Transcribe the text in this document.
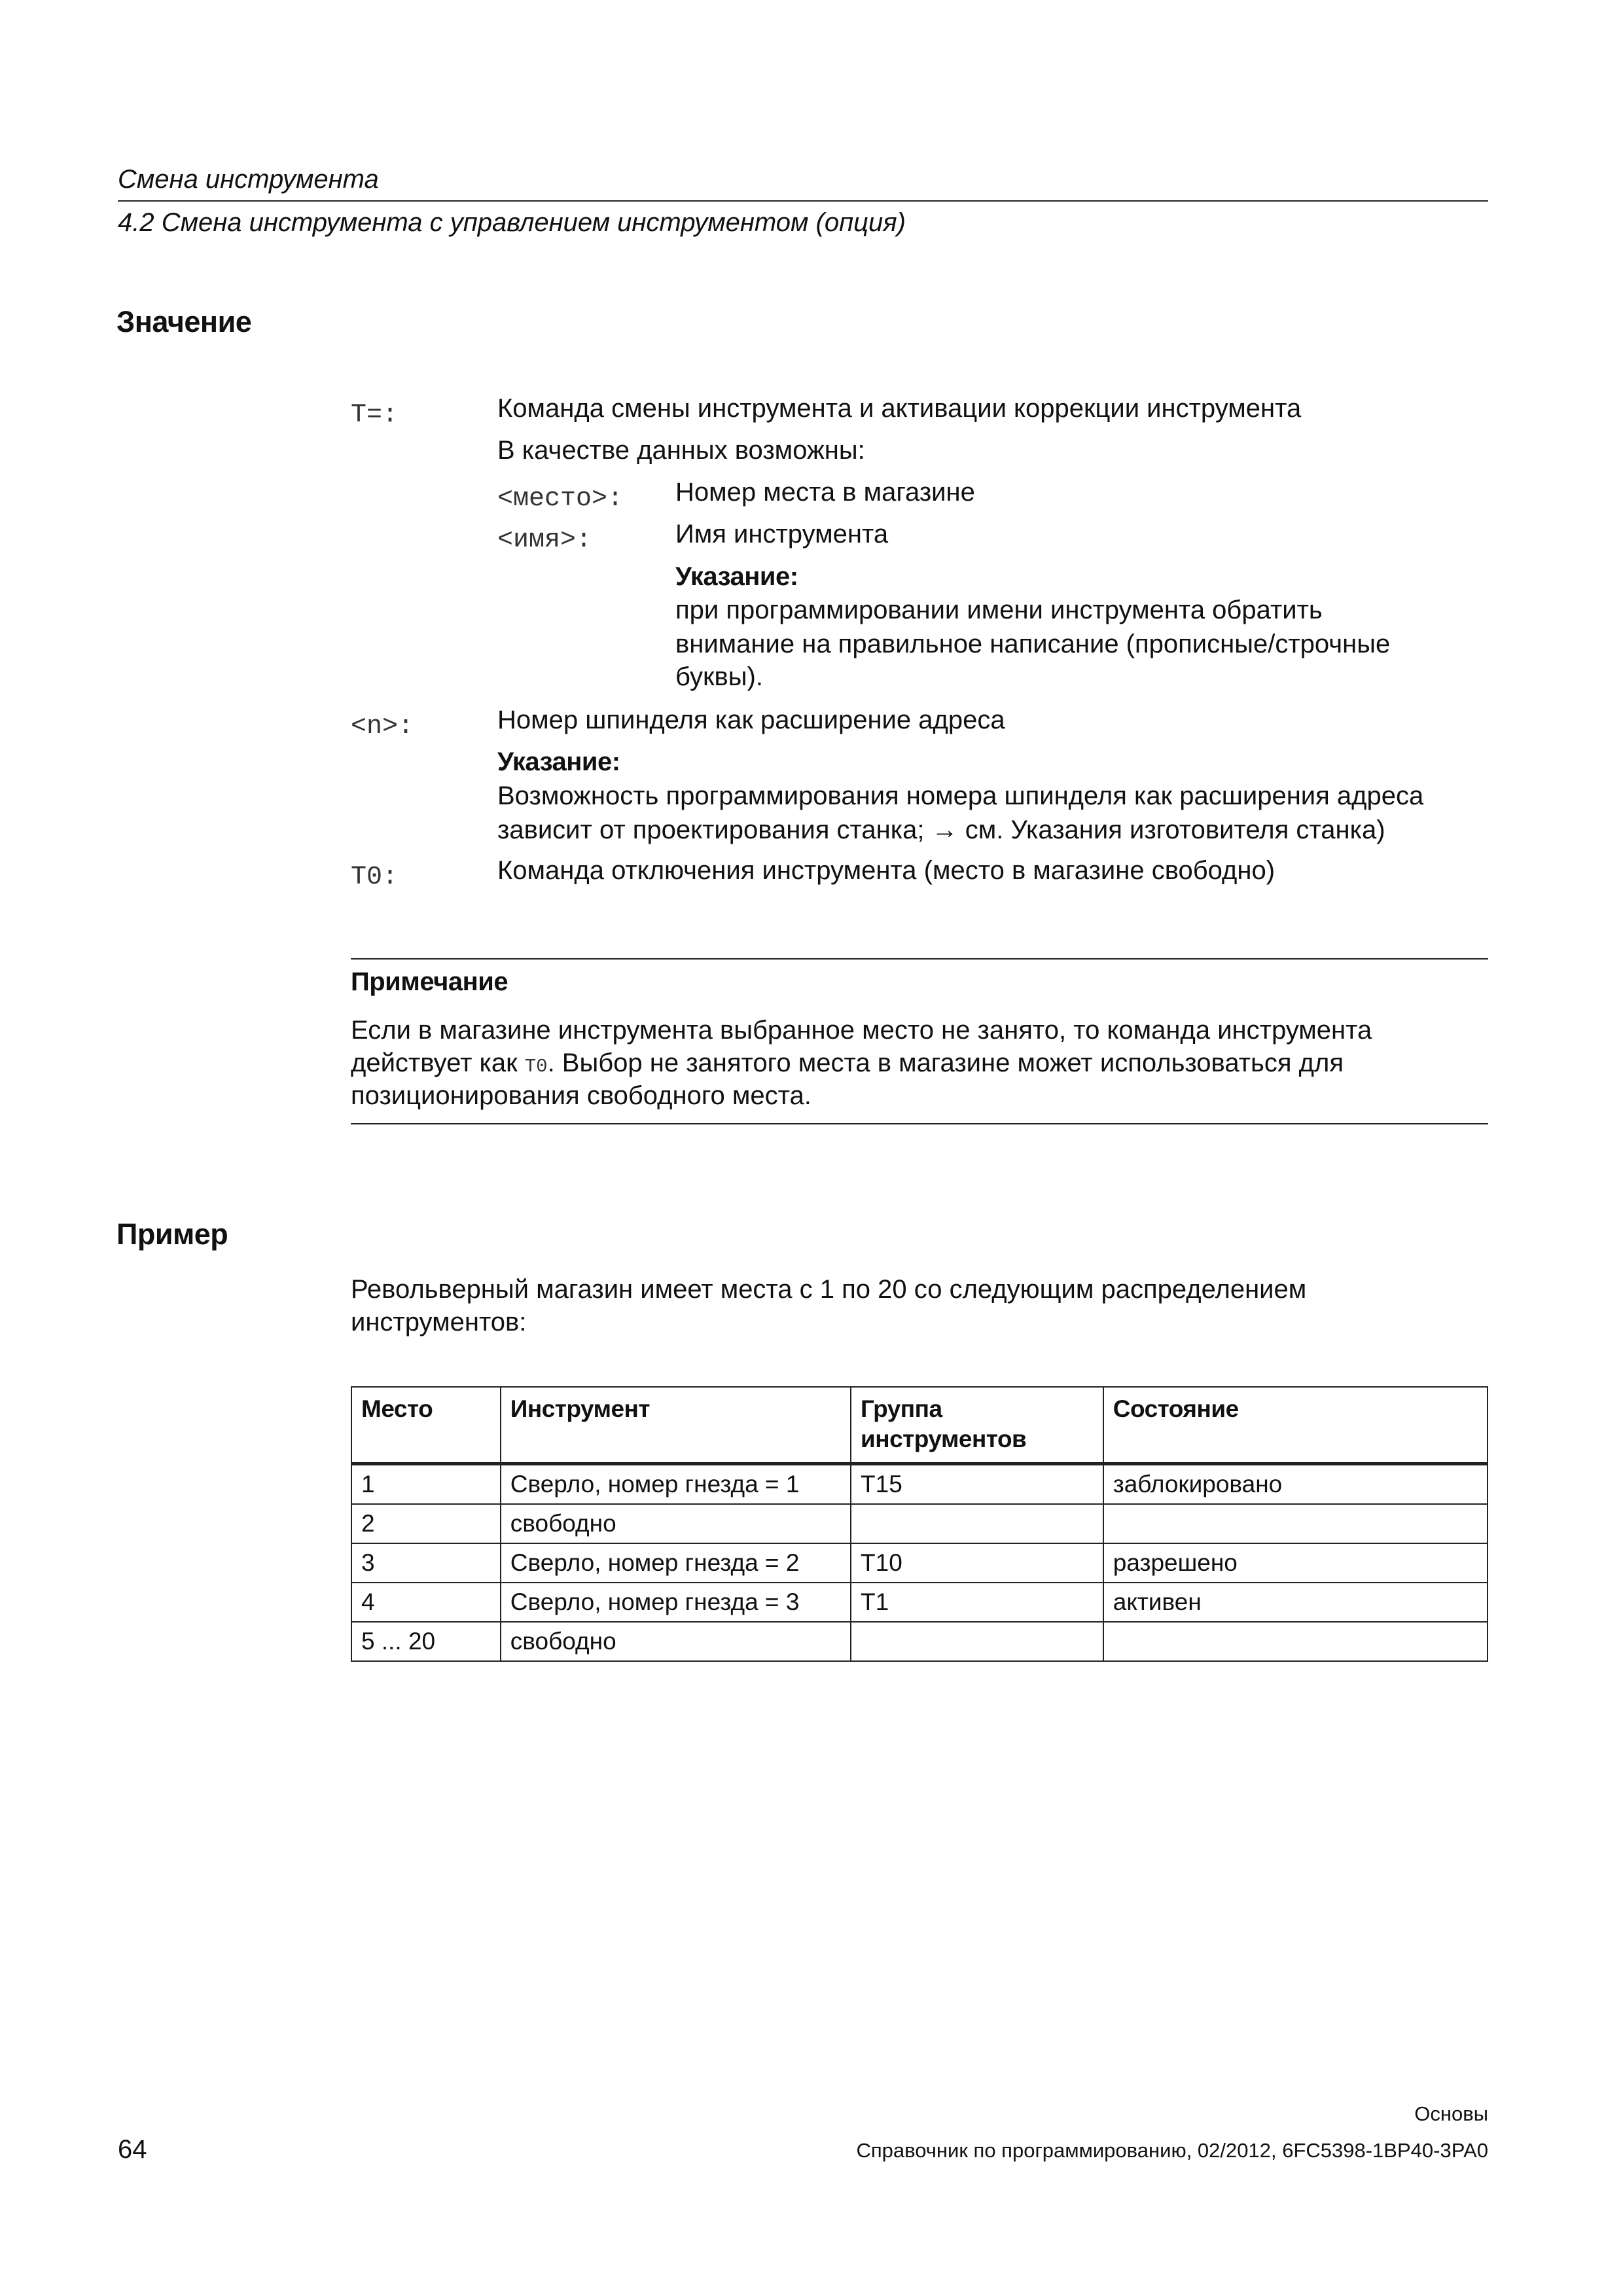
Смена инструмента
4.2 Смена инструмента с управлением инструментом (опция)
Значение
T=:	Команда смены инструмента и активации коррекции инструмента
В качестве данных возможны:
<место>: Номер места в магазине
<имя>:	Имя инструмента
Указание:
при программировании имени инструмента обратить
внимание на правильное написание (прописные/строчные
буквы).
<n>:	Номер шпинделя как расширение адреса
Указание:
Возможность программирования номера шпинделя как расширения адреса
зависит от проектирования станка; → см. Указания изготовителя станка)
T0:	Команда отключения инструмента (место в магазине свободно)
Примечание
Если в магазине инструмента выбранное место не занято, то команда инструмента
действует как T0. Выбор не занятого места в магазине может использоваться для
позиционирования свободного места.
Пример
Револьверный магазин имеет места с 1 по 20 со следующим распределением
инструментов:
Место	Инструмент	Группа инструментов	Состояние
1	Сверло, номер гнезда = 1	T15	заблокировано
2	свободно		
3	Сверло, номер гнезда = 2	T10	разрешено
4	Сверло, номер гнезда = 3	T1	активен
5 ... 20	свободно		
Основы
64	Справочник по программированию, 02/2012, 6FC5398-1BP40-3PA0
